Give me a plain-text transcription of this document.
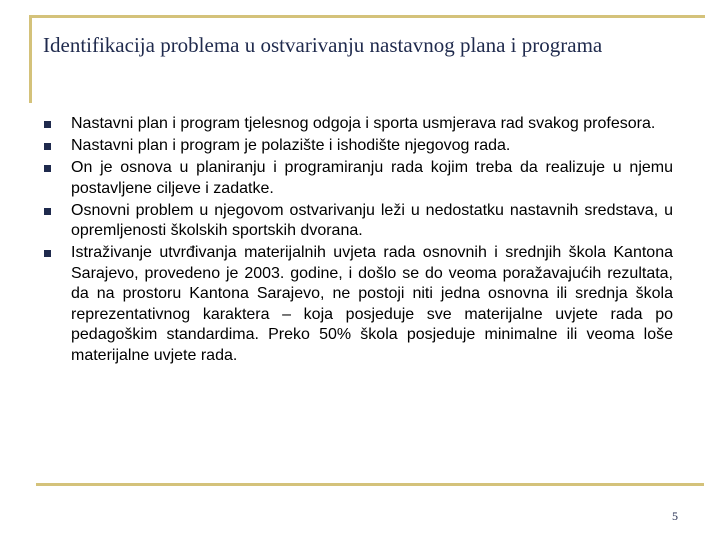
Identifikacija problema u ostvarivanju nastavnog plana i programa
Nastavni plan i program tjelesnog odgoja i sporta usmjerava rad svakog profesora.
Nastavni plan i program je polazište i ishodište njegovog rada.
On je osnova u planiranju i programiranju rada kojim treba da realizuje u njemu postavljene ciljeve i zadatke.
Osnovni problem u njegovom ostvarivanju leži u nedostatku nastavnih sredstava, u opremljenosti školskih sportskih dvorana.
Istraživanje utvrđivanja materijalnih uvjeta rada osnovnih i srednjih škola Kantona Sarajevo, provedeno je 2003. godine, i došlo se do veoma poražavajućih rezultata, da na prostoru Kantona Sarajevo, ne postoji niti jedna osnovna ili srednja škola reprezentativnog karaktera – koja posjeduje sve materijalne uvjete rada po pedagoškim standardima. Preko 50% škola posjeduje minimalne ili veoma loše materijalne uvjete rada.
5
